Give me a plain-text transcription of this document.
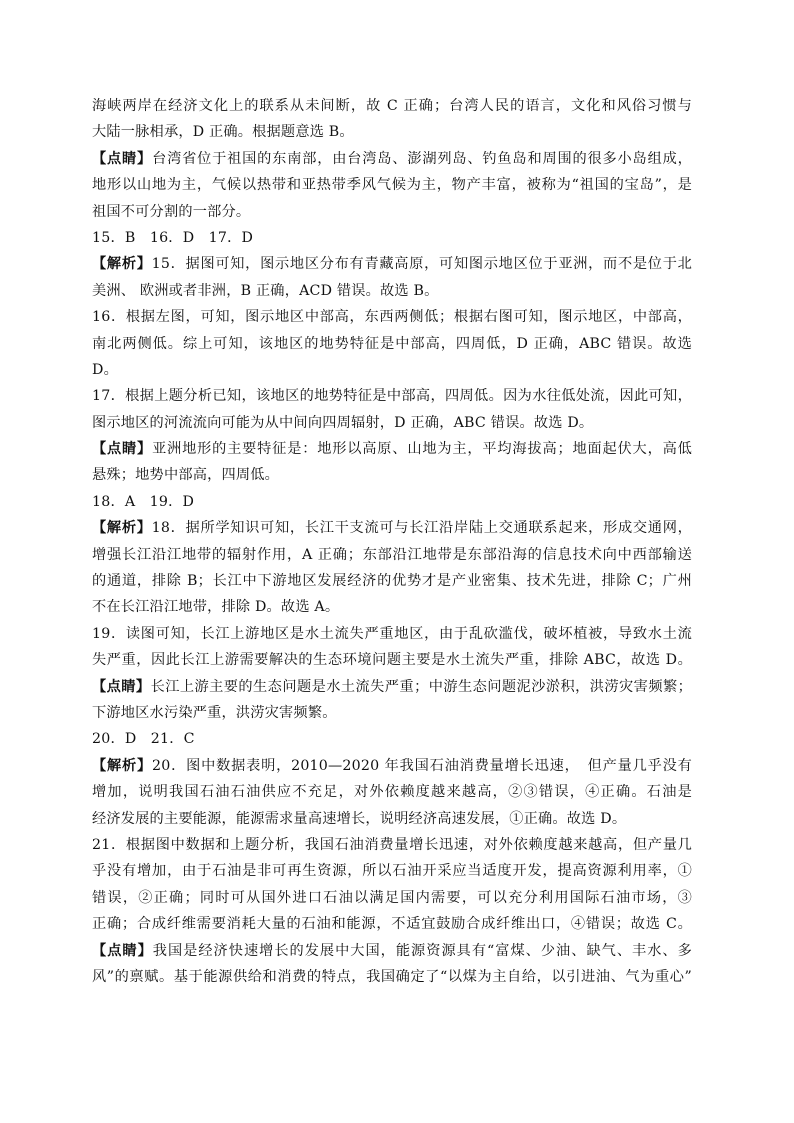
海峡两岸在经济文化上的联系从未间断，故 C 正确；台湾人民的语言，文化和风俗习惯与
大陆一脉相承，D 正确。根据题意选 B。
【点睛】台湾省位于祖国的东南部，由台湾岛、澎湖列岛、钓鱼岛和周围的很多小岛组成，
地形以山地为主，气候以热带和亚热带季风气候为主，物产丰富，被称为“祖国的宝岛”，是
祖国不可分割的一部分。
15．B　16．D　17．D
【解析】15．据图可知，图示地区分布有青藏高原，可知图示地区位于亚洲，而不是位于北
美洲、 欧洲或者非洲，B 正确，ACD 错误。故选 B。
16．根据左图，可知，图示地区中部高，东西两侧低；根据右图可知，图示地区，中部高，
南北两侧低。综上可知，该地区的地势特征是中部高，四周低，D 正确，ABC 错误。故选
D。
17．根据上题分析已知，该地区的地势特征是中部高，四周低。因为水往低处流，因此可知，
图示地区的河流流向可能为从中间向四周辐射，D 正确，ABC 错误。故选 D。
【点睛】亚洲地形的主要特征是：地形以高原、山地为主，平均海拔高；地面起伏大，高低
悬殊；地势中部高，四周低。
18．A　19．D
【解析】18．据所学知识可知，长江干支流可与长江沿岸陆上交通联系起来，形成交通网，
增强长江沿江地带的辐射作用，A 正确；东部沿江地带是东部沿海的信息技术向中西部输送
的通道，排除 B；长江中下游地区发展经济的优势才是产业密集、技术先进，排除 C；广州
不在长江沿江地带，排除 D。故选 A。
19．读图可知，长江上游地区是水土流失严重地区，由于乱砍滥伐，破坏植被，导致水土流
失严重，因此长江上游需要解决的生态环境问题主要是水土流失严重，排除 ABC，故选 D。
【点睛】长江上游主要的生态问题是水土流失严重；中游生态问题泥沙淤积，洪涝灾害频繁；
下游地区水污染严重，洪涝灾害频繁。
20．D　21．C
【解析】20．图中数据表明，2010—2020 年我国石油消费量增长迅速，　但产量几乎没有
增加，说明我国石油石油供应不充足，对外依赖度越来越高，②③错误，④正确。石油是
经济发展的主要能源，能源需求量高速增长，说明经济高速发展，①正确。故选 D。
21．根据图中数据和上题分析，我国石油消费量增长迅速，对外依赖度越来越高，但产量几
乎没有增加，由于石油是非可再生资源，所以石油开采应当适度开发，提高资源利用率，①
错误，②正确；同时可从国外进口石油以满足国内需要，可以充分利用国际石油市场，③
正确；合成纤维需要消耗大量的石油和能源，不适宜鼓励合成纤维出口，④错误；故选 C。
【点睛】我国是经济快速增长的发展中大国，能源资源具有“富煤、少油、缺气、丰水、多
风”的禀赋。基于能源供给和消费的特点，我国确定了“以煤为主自给，以引进油、气为重心”
